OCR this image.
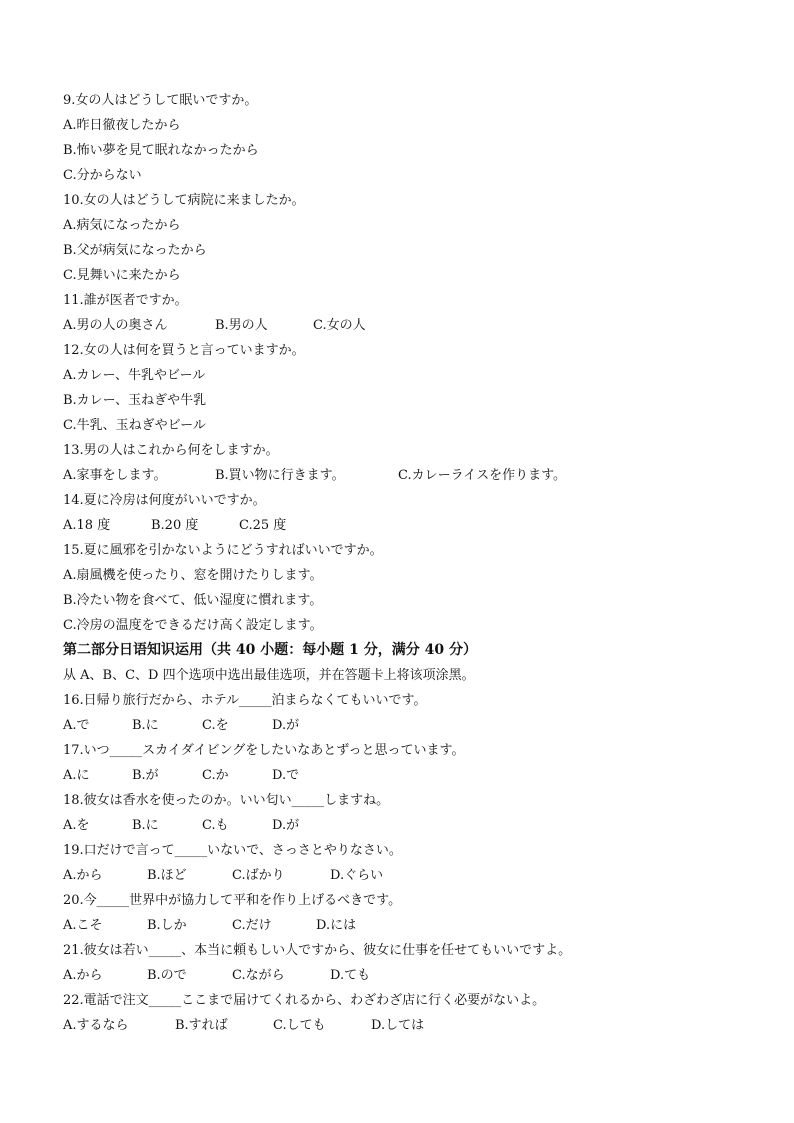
9.女の人はどうして眠いですか。
A.昨日徹夜したから
B.怖い夢を見て眠れなかったから
C.分からない
10.女の人はどうして病院に来ましたか。
A.病気になったから
B.父が病気になったから
C.見舞いに来たから
11.誰が医者ですか。
A.男の人の奥さん	B.男の人	C.女の人
12.女の人は何を買うと言っていますか。
A.カレー、牛乳やビール
B.カレー、玉ねぎや牛乳
C.牛乳、玉ねぎやビール
13.男の人はこれから何をしますか。
A.家事をします。	B.買い物に行きます。	C.カレーライスを作ります。
14.夏に冷房は何度がいいですか。
A.18 度	B.20 度	C.25 度
15.夏に風邪を引かないようにどうすればいいですか。
A.扇風機を使ったり、窓を開けたりします。
B.冷たい物を食べて、低い湿度に慣れます。
C.冷房の温度をできるだけ高く設定します。
第二部分日语知识运用（共 40 小题：每小题 1 分，满分 40 分）
从 A、B、C、D 四个选项中选出最佳选项，并在答题卡上将该项涂黑。
16.日帰り旅行だから、ホテル_____泊まらなくてもいいです。
A.で	B.に	C.を	D.が
17.いつ_____スカイダイビングをしたいなあとずっと思っています。
A.に	B.が	C.か	D.で
18.彼女は香水を使ったのか。いい匂い_____しますね。
A.を	B.に	C.も	D.が
19.口だけで言って_____いないで、さっさとやりなさい。
A.から	B.ほど	C.ばかり	D.ぐらい
20.今_____世界中が協力して平和を作り上げるべきです。
A.こそ	B.しか	C.だけ	D.には
21.彼女は若い_____、本当に頼もしい人ですから、彼女に仕事を任せてもいいですよ。
A.から	B.ので	C.ながら	D.ても
22.電話で注文_____ここまで届けてくれるから、わざわざ店に行く必要がないよ。
A.するなら	B.すれば	C.しても	D.しては
